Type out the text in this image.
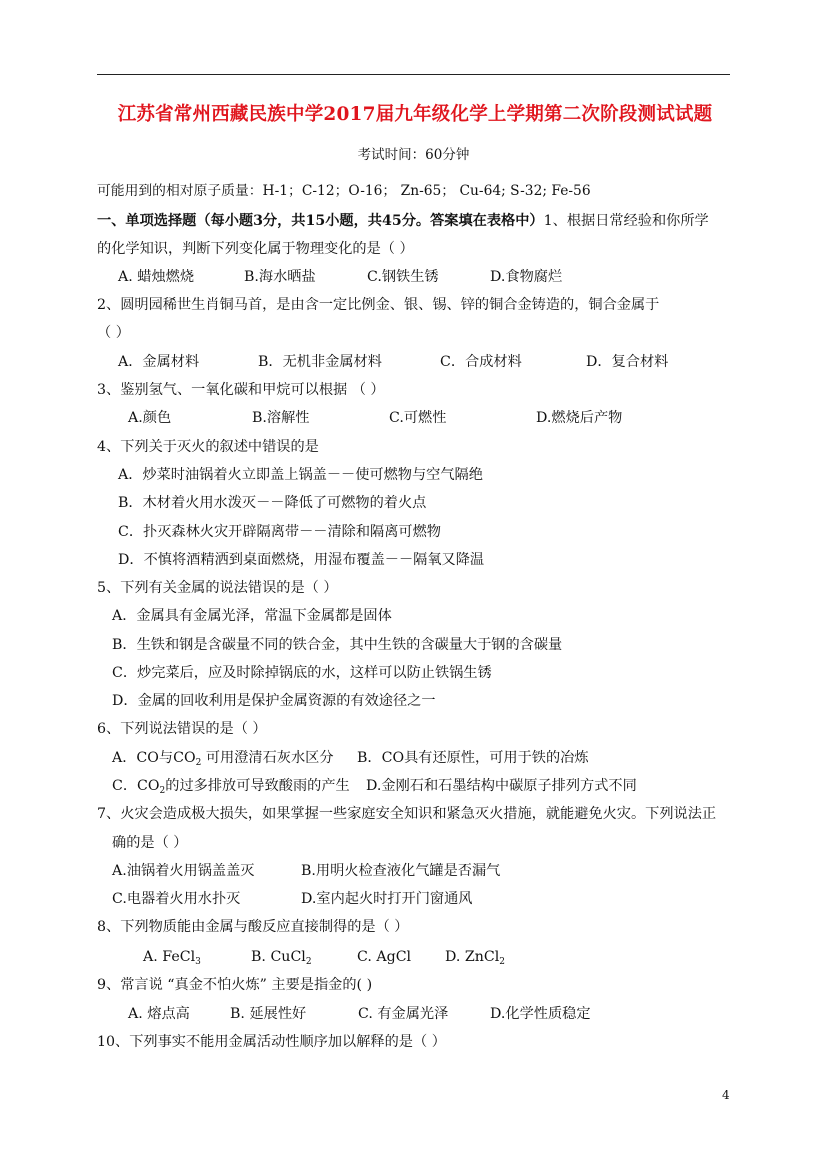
江苏省常州西藏民族中学2017届九年级化学上学期第二次阶段测试试题
考试时间：60分钟
可能用到的相对原子质量：H-1；C-12；O-16； Zn-65； Cu-64; S-32; Fe-56
一、单项选择题（每小题3分，共15小题，共45分。答案填在表格中）1、根据日常经验和你所学
的化学知识，判断下列变化属于物理变化的是（ ）
A. 蜡烛燃烧	B.海水晒盐	C.钢铁生锈	D.食物腐烂
2、圆明园稀世生肖铜马首，是由含一定比例金、银、锡、锌的铜合金铸造的，铜合金属于
（ ）
A．金属材料	B．无机非金属材料	C．合成材料	D．复合材料
3、鉴别氢气、一氧化碳和甲烷可以根据 （ ）
A.颜色	B.溶解性	C.可燃性	D.燃烧后产物
4、下列关于灭火的叙述中错误的是
A．炒菜时油锅着火立即盖上锅盖－－使可燃物与空气隔绝
B．木材着火用水泼灭－－降低了可燃物的着火点
C．扑灭森林火灾开辟隔离带－－清除和隔离可燃物
D．不慎将酒精洒到桌面燃烧，用湿布覆盖－－隔氧又降温
5、下列有关金属的说法错误的是（ ）
A．金属具有金属光泽，常温下金属都是固体
B．生铁和钢是含碳量不同的铁合金，其中生铁的含碳量大于钢的含碳量
C．炒完菜后，应及时除掉锅底的水，这样可以防止铁锅生锈
D．金属的回收利用是保护金属资源的有效途径之一
6、下列说法错误的是（ ）
A．CO与$CO_2$ 可用澄清石灰水区分 B．CO具有还原性，可用于铁的冶炼
C．$CO_2$的过多排放可导致酸雨的产生 D.金刚石和石墨结构中碳原子排列方式不同
7、火灾会造成极大损失，如果掌握一些家庭安全知识和紧急灭火措施，就能避免火灾。下列说法正
确的是（ ）
A.油锅着火用锅盖盖灭	B.用明火检查液化气罐是否漏气
C.电器着火用水扑灭	D.室内起火时打开门窗通风
8、下列物质能由金属与酸反应直接制得的是（ ）
A. FeCl$_3$	B. CuCl$_2$	C. AgCl D. ZnCl$_2$
9、常言说 “真金不怕火炼” 主要是指金的( )
A. 熔点高	B. 延展性好	C. 有金属光泽	D.化学性质稳定
10、下列事实不能用金属活动性顺序加以解释的是（ ）
4
